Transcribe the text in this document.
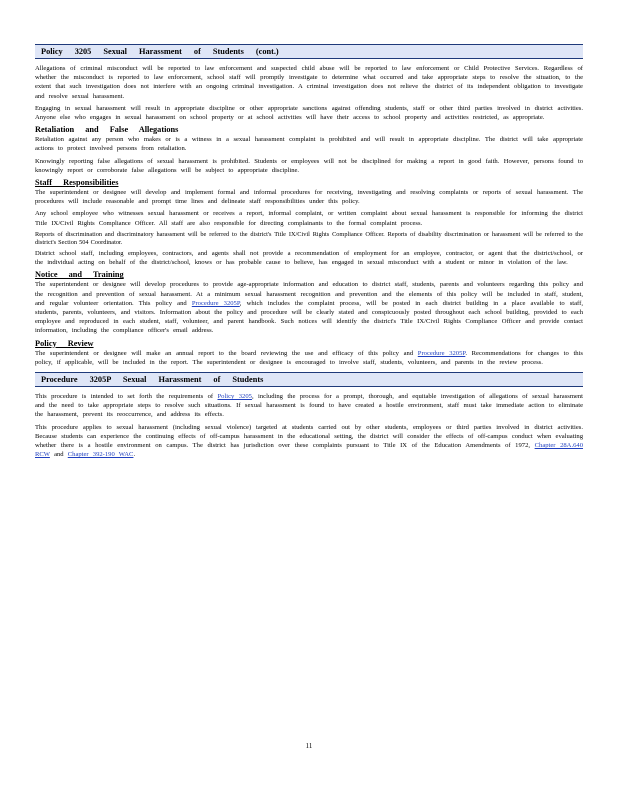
Policy 3205 Sexual Harassment of Students (cont.)

Allegations of criminal misconduct will be reported to law enforcement and suspected child abuse will be reported to law enforcement or Child Protective Services. Regardless of whether the misconduct is reported to law enforcement, school staff will promptly investigate to determine what occurred and take appropriate steps to resolve the situation, to the extent that such investigation does not interfere with an ongoing criminal investigation. A criminal investigation does not relieve the district of its independent obligation to investigate and resolve sexual harassment.

Engaging in sexual harassment will result in appropriate discipline or other appropriate sanctions against offending students, staff or other third parties involved in district activities. Anyone else who engages in sexual harassment on school property or at school activities will have their access to school property and activities restricted, as appropriate.

Retaliation and False Allegations

Retaliation against any person who makes or is a witness in a sexual harassment complaint is prohibited and will result in appropriate discipline. The district will take appropriate actions to protect involved persons from retaliation.

Knowingly reporting false allegations of sexual harassment is prohibited. Students or employees will not be disciplined for making a report in good faith. However, persons found to knowingly report or corroborate false allegations will be subject to appropriate discipline.

Staff Responsibilities

The superintendent or designee will develop and implement formal and informal procedures for receiving, investigating and resolving complaints or reports of sexual harassment. The procedures will include reasonable and prompt time lines and delineate staff responsibilities under this policy.

Any school employee who witnesses sexual harassment or receives a report, informal complaint, or written complaint about sexual harassment is responsible for informing the district Title IX/Civil Rights Compliance Officer. All staff are also responsible for directing complainants to the formal complaint process.

Reports of discrimination and discriminatory harassment will be referred to the district's Title IX/Civil Rights Compliance Officer. Reports of disability discrimination or harassment will be referred to the district's Section 504 Coordinator.

District school staff, including employees, contractors, and agents shall not provide a recommendation of employment for an employee, contractor, or agent that the district/school, or the individual acting on behalf of the district/school, knows or has probable cause to believe, has engaged in sexual misconduct with a student or minor in violation of the law.

Notice and Training

The superintendent or designee will develop procedures to provide age-appropriate information and education to district staff, students, parents and volunteers regarding this policy and the recognition and prevention of sexual harassment. At a minimum sexual harassment recognition and prevention and the elements of this policy will be included in staff, student, and regular volunteer orientation. This policy and Procedure 3205P, which includes the complaint process, will be posted in each district building in a place available to staff, students, parents, volunteers, and visitors. Information about the policy and procedure will be clearly stated and conspicuously posted throughout each school building, provided to each employee and reproduced in each student, staff, volunteer, and parent handbook. Such notices will identify the district's Title IX/Civil Rights Compliance Officer and provide contact information, including the compliance officer's email address.

Policy Review

The superintendent or designee will make an annual report to the board reviewing the use and efficacy of this policy and Procedure 3205P. Recommendations for changes to this policy, if applicable, will be included in the report. The superintendent or designee is encouraged to involve staff, students, volunteers, and parents in the review process.

Procedure 3205P Sexual Harassment of Students

This procedure is intended to set forth the requirements of Policy 3205, including the process for a prompt, thorough, and equitable investigation of allegations of sexual harassment and the need to take appropriate steps to resolve such situations. If sexual harassment is found to have created a hostile environment, staff must take immediate action to eliminate the harassment, prevent its reoccurrence, and address its effects.

This procedure applies to sexual harassment (including sexual violence) targeted at students carried out by other students, employees or third parties involved in district activities. Because students can experience the continuing effects of off-campus harassment in the educational setting, the district will consider the effects of off-campus conduct when evaluating whether there is a hostile environment on campus. The district has jurisdiction over these complaints pursuant to Title IX of the Education Amendments of 1972, Chapter 28A.640 RCW and Chapter 392-190 WAC.

11
